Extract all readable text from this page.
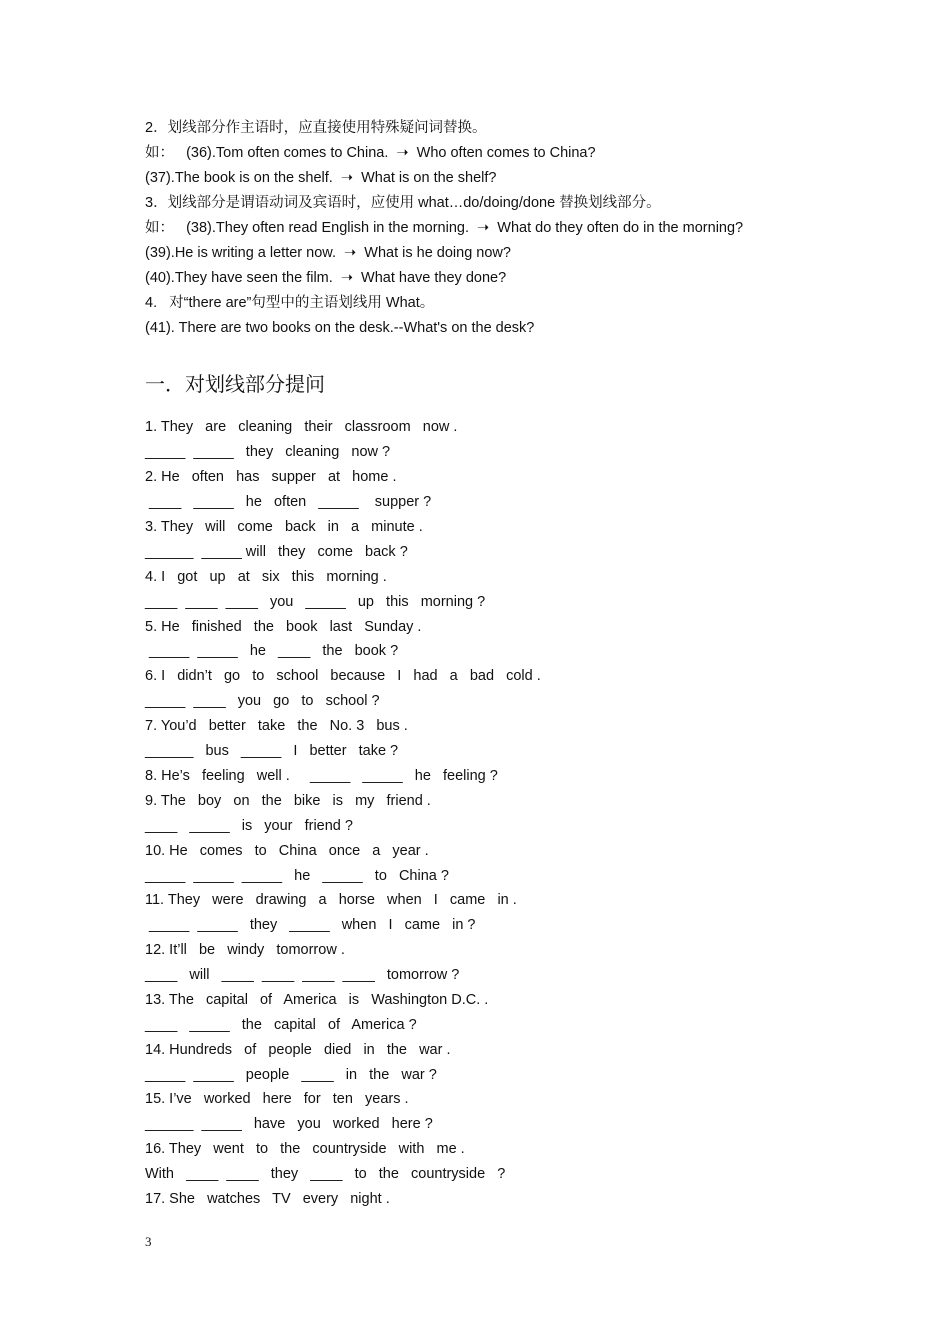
2．划线部分作主语时，应直接使用特殊疑问词替换。
如：   (36).Tom often comes to China.  ➝  Who often comes to China?
(37).The book is on the shelf.  ➝  What is on the shelf?
3．划线部分是谓语动词及宾语时，应使用 what…do/doing/done 替换划线部分。
如：   (38).They often read English in the morning.  ➝  What do they often do in the morning?
(39).He is writing a letter now.  ➝  What is he doing now?
(40).They have seen the film.  ➝  What have they done?
4.   对“there are”句型中的主语划线用 What。
(41). There are two books on the desk.--What's on the desk?
一．对划线部分提问
1. They   are   cleaning   their   classroom   now .
_____  _____   they   cleaning   now ?
2. He   often   has   supper   at   home .
____   _____   he   often   _____    supper ?
3. They   will   come   back   in   a   minute .
______  _____ will   they   come   back ?
4. I   got   up   at   six   this   morning .
____  ____  ____   you   _____   up   this   morning ?
5. He   finished   the   book   last   Sunday .
_____  _____   he   ____   the   book ?
6. I   didn’t   go   to   school   because   I   had   a   bad   cold .
_____  ____   you   go   to   school ?
7. You’d   better   take   the   No. 3   bus .
______   bus   _____   I   better   take ?
8. He’s   feeling   well .     _____   _____   he   feeling ?
9. The   boy   on   the   bike   is   my   friend .
____   _____   is   your   friend ?
10. He   comes   to   China   once   a   year .
_____  _____  _____   he   _____   to   China ?
11. They   were   drawing   a   horse   when   I   came   in .
_____  _____   they   _____   when   I   came   in ?
12. It’ll   be   windy   tomorrow .
____   will   ____  ____  ____  ____   tomorrow ?
13. The   capital   of   America   is   Washington D.C. .
____   _____   the   capital   of   America ?
14. Hundreds   of   people   died   in   the   war .
_____  _____   people   ____   in   the   war ?
15. I’ve   worked   here   for   ten   years .
______  _____   have   you   worked   here ?
16. They   went   to   the   countryside   with   me .
With   ____  ____   they   ____   to   the   countryside   ?
17. She   watches   TV   every   night .
3
